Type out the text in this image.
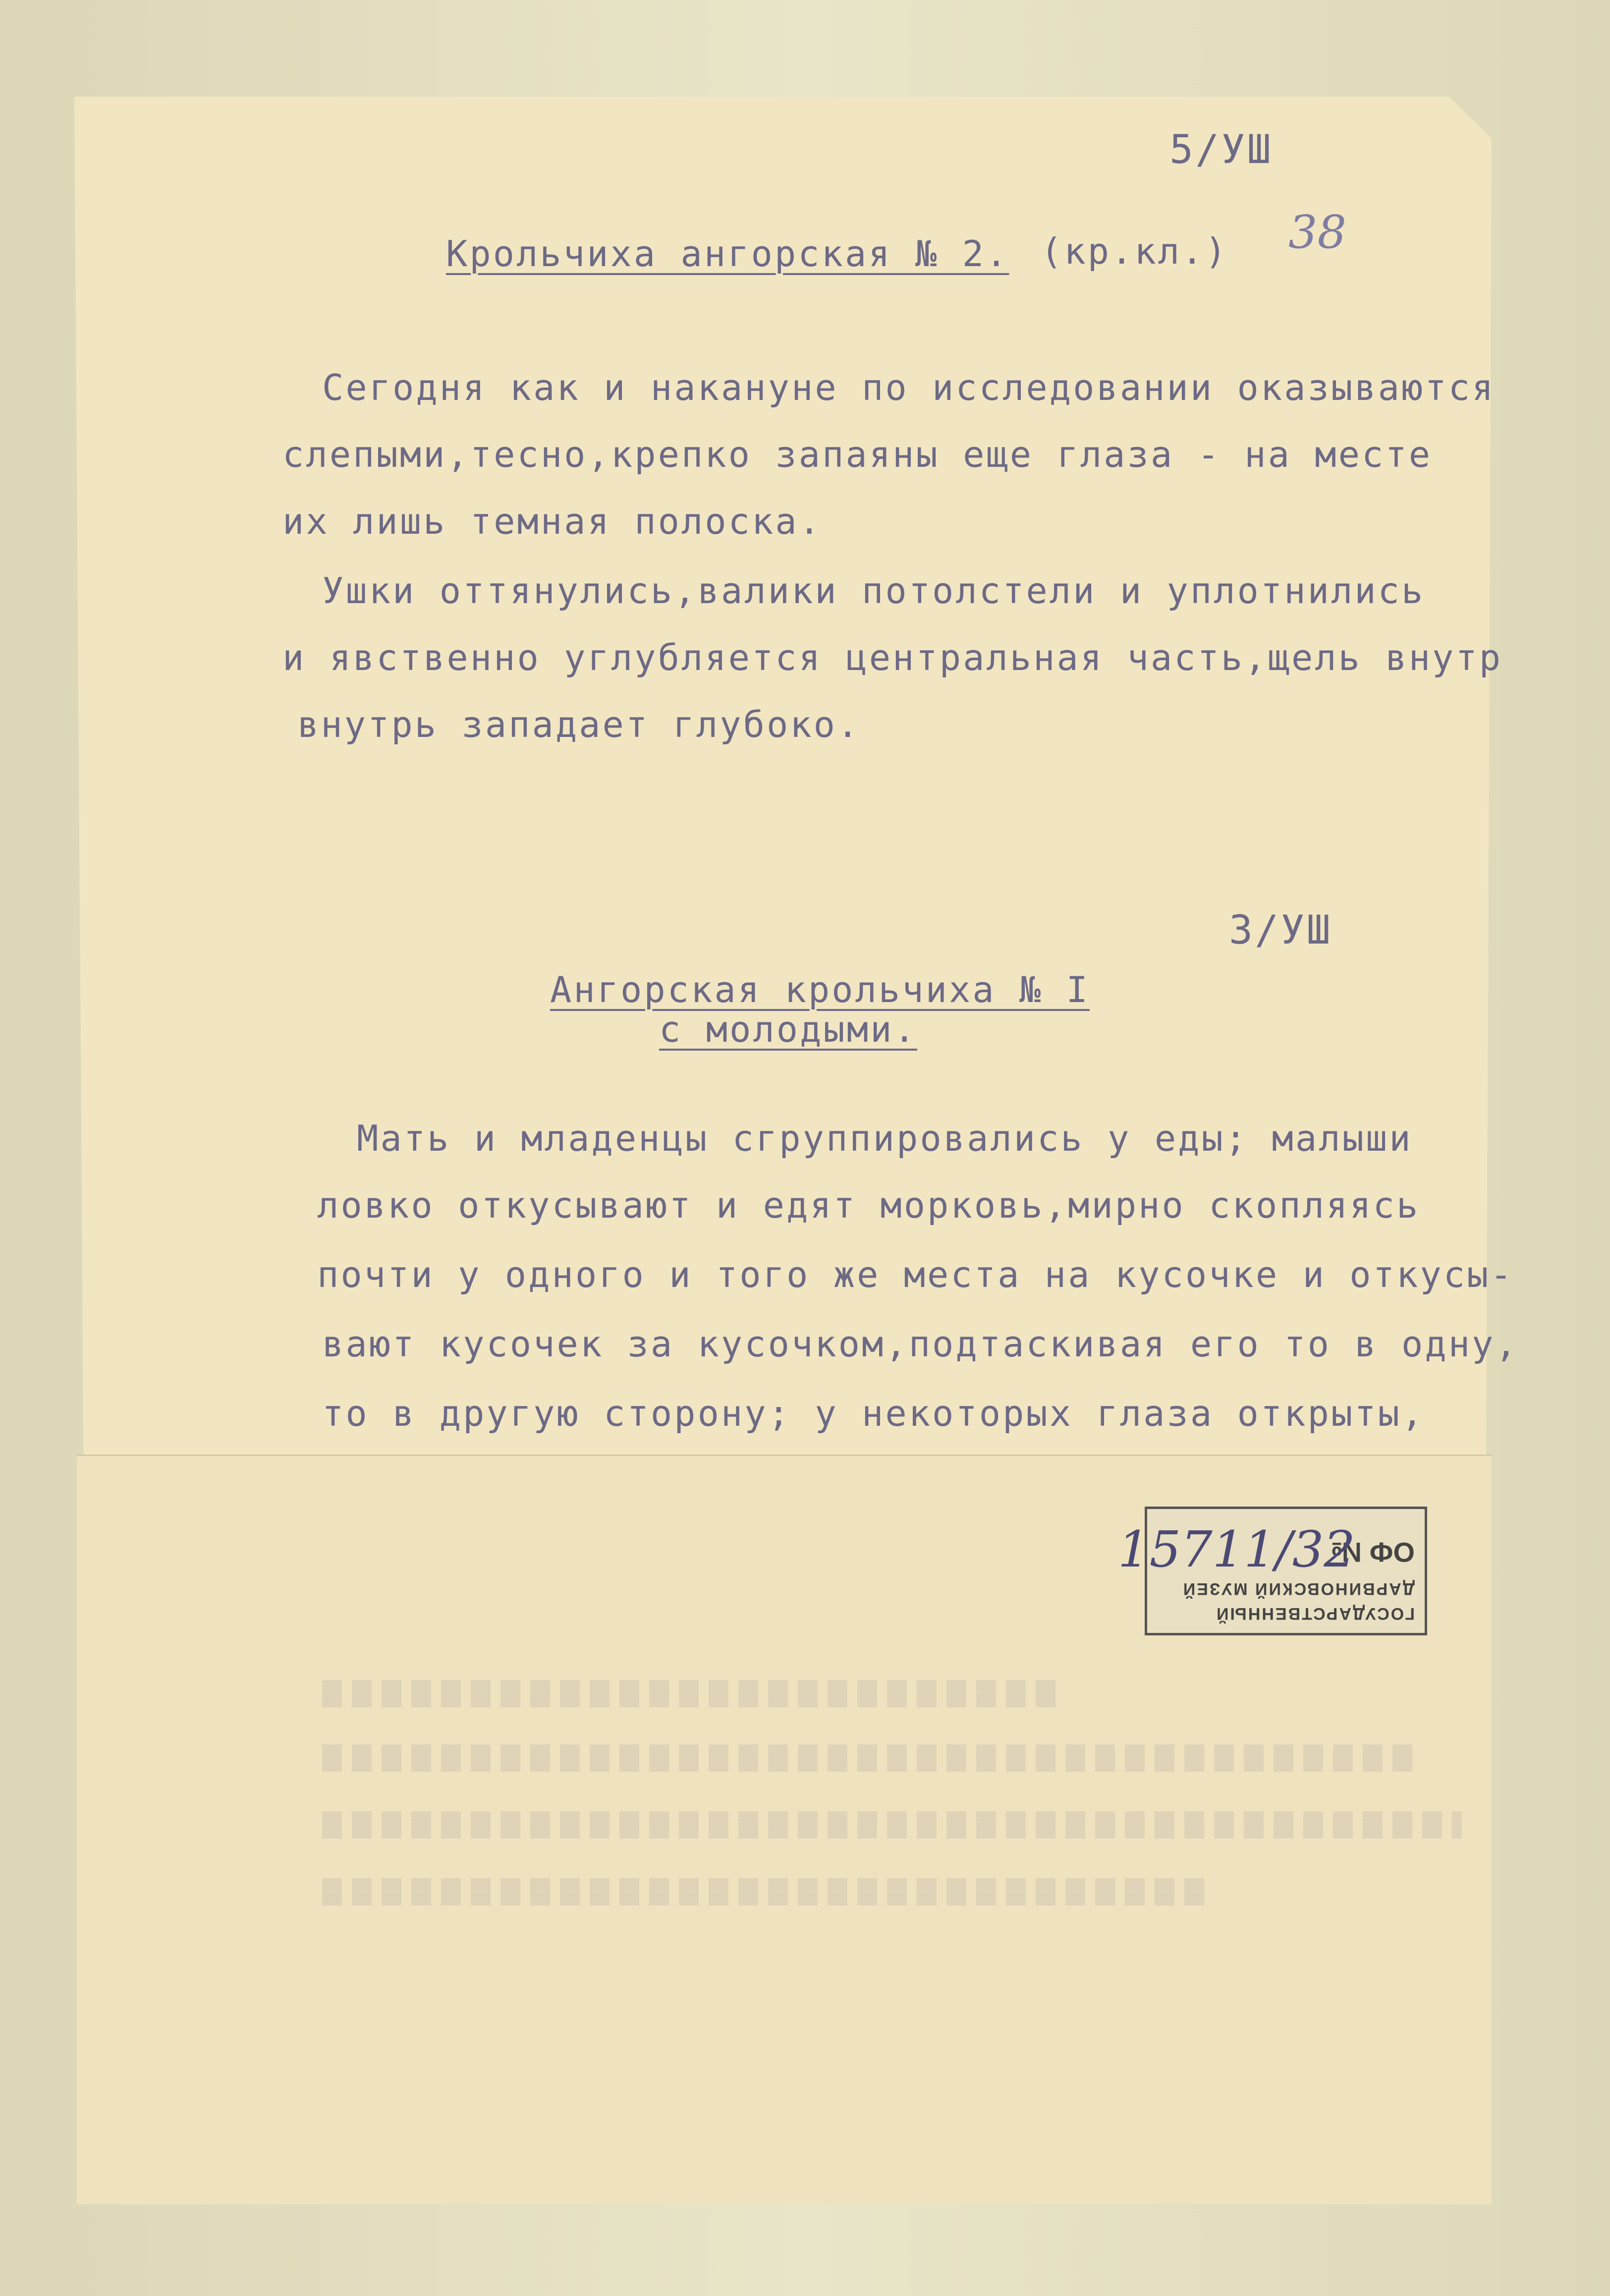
5/УШ
38
Крольчиха ангорская № 2. (кр.кл.)
Сегодня как и накануне по исследовании оказываются
слепыми,тесно,крепко запаяны еще глаза - на месте
их лишь темная полоска.
Ушки оттянулись,валики потолстели и уплотнились
и явственно углубляется центральная часть,щель внутр
внутрь западает глубоко.
3/УШ
Ангорская крольчиха № I
с молодыми.
Мать и младенцы сгруппировались у еды; малыши
ловко откусывают и едят морковь,мирно скопляясь
почти у одного и того же места на кусочке и откусы-
вают кусочек за кусочком,подтаскивая его то в одну,
то в другую сторону; у некоторых глаза открыты,
ГОСУДАРСТВЕННЫЙ
ДАРВИНОВСКИЙ МУЗЕЙ
ОФ №
15711/32
